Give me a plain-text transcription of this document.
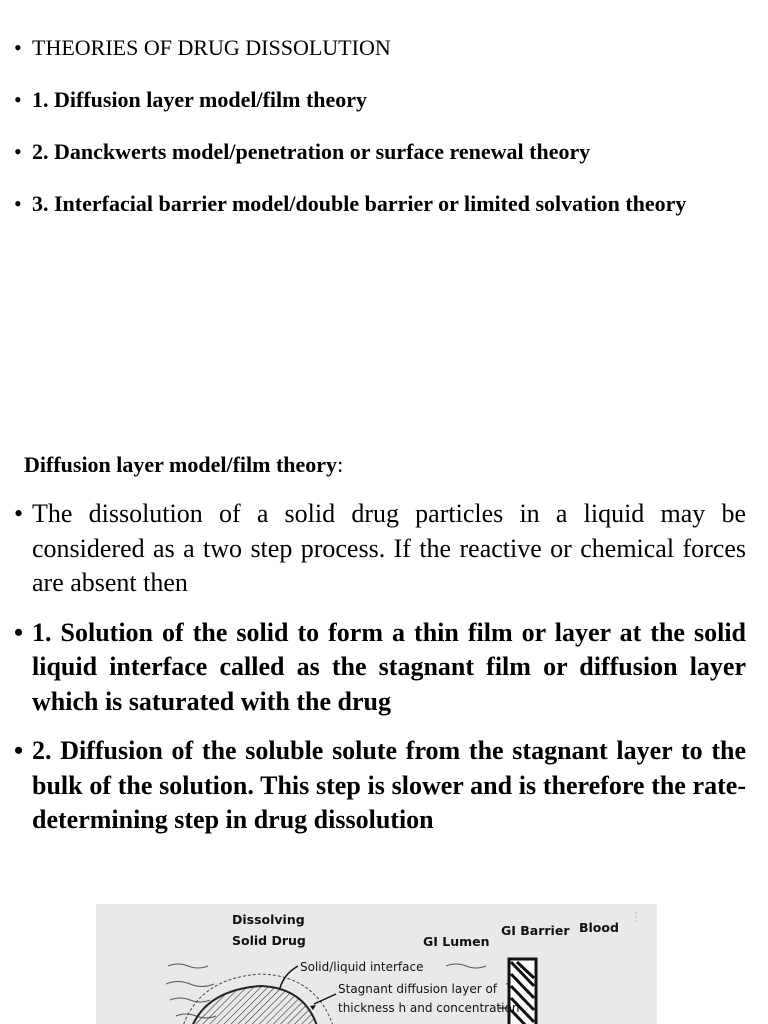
• THEORIES OF DRUG DISSOLUTION
• 1. Diffusion layer model/film theory
• 2. Danckwerts model/penetration or surface renewal theory
• 3. Interfacial barrier model/double barrier or limited solvation theory
Diffusion layer model/film theory:
• The dissolution of a solid drug particles in a liquid may be considered as a two step process. If the reactive or chemical forces are absent then
• 1. Solution of the solid to form a thin film or layer at the solid liquid interface called as the stagnant film or diffusion layer which is saturated with the drug
• 2. Diffusion of the soluble solute from the stagnant layer to the bulk of the solution. This step is slower and is therefore the rate-determining step in drug dissolution
Dissolving
Solid Drug	GI Lumen
GI Barrier Blood
Solid/liquid interface
Stagnant diffusion layer of
thickness h and concentration
